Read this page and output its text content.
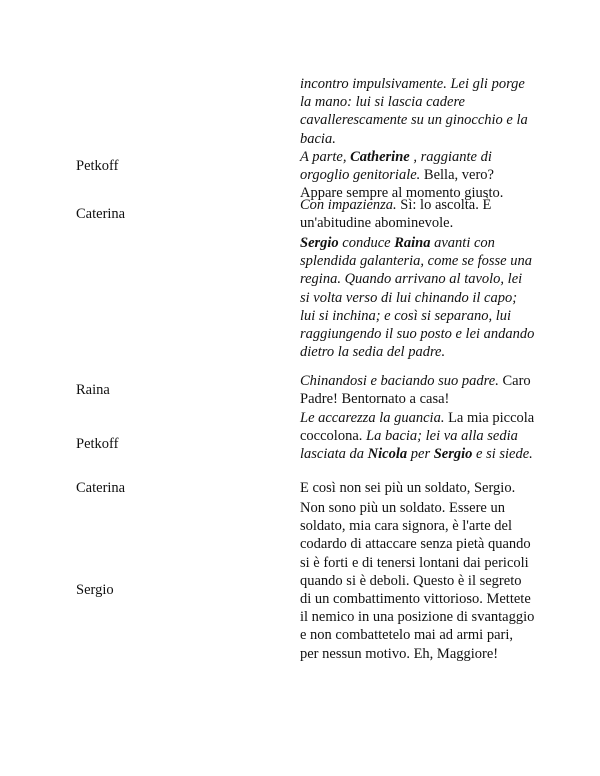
incontro impulsivamente. Lei gli porge la mano: lui si lascia cadere cavallerescamente su un ginocchio e la bacia.
Petkoff
A parte, Catherine , raggiante di orgoglio genitoriale. Bella, vero? Appare sempre al momento giusto.
Caterina
Con impazienza. Sì: lo ascolta. È un'abitudine abominevole.
Sergio conduce Raina avanti con splendida galanteria, come se fosse una regina. Quando arrivano al tavolo, lei si volta verso di lui chinando il capo; lui si inchina; e così si separano, lui raggiungendo il suo posto e lei andando dietro la sedia del padre.
Raina
Chinandosi e baciando suo padre. Caro Padre! Bentornato a casa!
Petkoff
Le accarezza la guancia. La mia piccola coccolona. La bacia; lei va alla sedia lasciata da Nicola per Sergio e si siede.
Caterina	E così non sei più un soldato, Sergio.
Sergio
Non sono più un soldato. Essere un soldato, mia cara signora, è l'arte del codardo di attaccare senza pietà quando si è forti e di tenersi lontani dai pericoli quando si è deboli. Questo è il segreto di un combattimento vittorioso. Mettete il nemico in una posizione di svantaggio e non combattetelo mai ad armi pari, per nessun motivo. Eh, Maggiore!
